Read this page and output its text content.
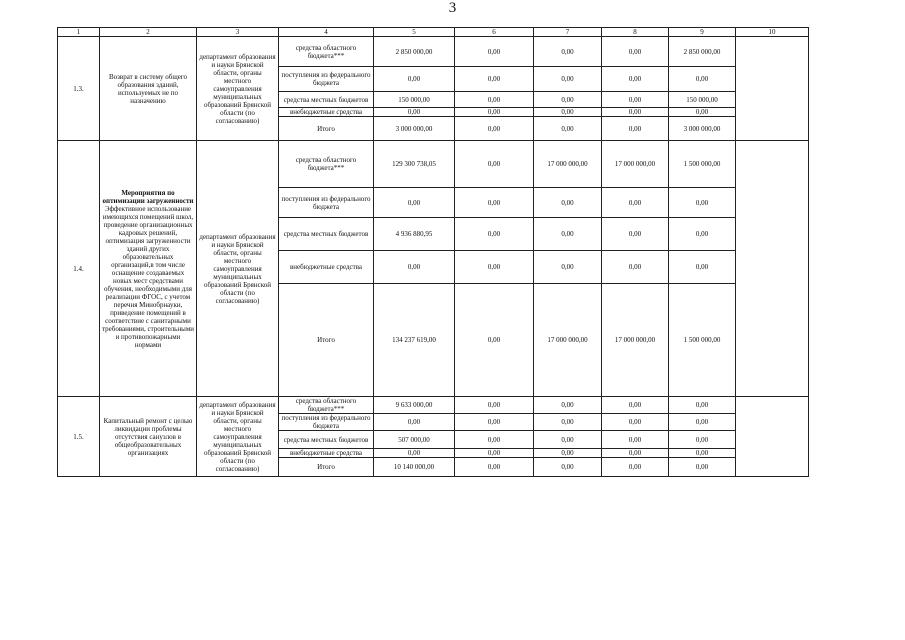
3
1	2	3	4	5	6	7	8	9	10
1.3.	Возврат в систему общего образования зданий, используемых не по назначению	департамент образования и науки Брянской области, органы местного самоуправления муниципальных образований Брянской области (по согласованию)	средства областного бюджета***	2 850 000,00	0,00	0,00	0,00	2 850 000,00	
			поступления из федерального бюджета	0,00	0,00	0,00	0,00	0,00	
			средства местных бюджетов	150 000,00	0,00	0,00	0,00	150 000,00	
			внебюджетные средства	0,00	0,00	0,00	0,00	0,00	
			Итого	3 000 000,00	0,00	0,00	0,00	3 000 000,00	
1.4.	Мероприятия по оптимизации загруженности
Эффективное использование имеющихся помещений школ, проведение организационных кадровых решений, оптимизация загруженности зданий других образовательных организаций,в том числе оснащение создаваемых новых мест средствами обучения, необходимыми для реализации ФГОС, с учетом перечня Минобрнауки, приведение помещений в соответствие с санитарными требованиями, строительными и противопожарными нормами	департамент образования и науки Брянской области, органы местного самоуправления муниципальных образований Брянской области (по согласованию)	средства областного бюджета***	129 300 738,05	0,00	17 000 000,00	17 000 000,00	1 500 000,00	
			поступления из федерального бюджета	0,00	0,00	0,00	0,00	0,00	
			средства местных бюджетов	4 936 880,95	0,00	0,00	0,00	0,00	
			внебюджетные средства	0,00	0,00	0,00	0,00	0,00	
			Итого	134 237 619,00	0,00	17 000 000,00	17 000 000,00	1 500 000,00	
1.5.	Капитальный ремонт с целью ликвидации проблемы отсутствия санузлов в общеобразовательных организациях	департамент образования и науки Брянской области, органы местного самоуправления муниципальных образований Брянской области (по согласованию)	средства областного бюджета***	9 633 000,00	0,00	0,00	0,00	0,00	
			поступления из федерального бюджета	0,00	0,00	0,00	0,00	0,00	
			средства местных бюджетов	507 000,00	0,00	0,00	0,00	0,00	
			внебюджетные средства	0,00	0,00	0,00	0,00	0,00	
			Итого	10 140 000,00	0,00	0,00	0,00	0,00	
